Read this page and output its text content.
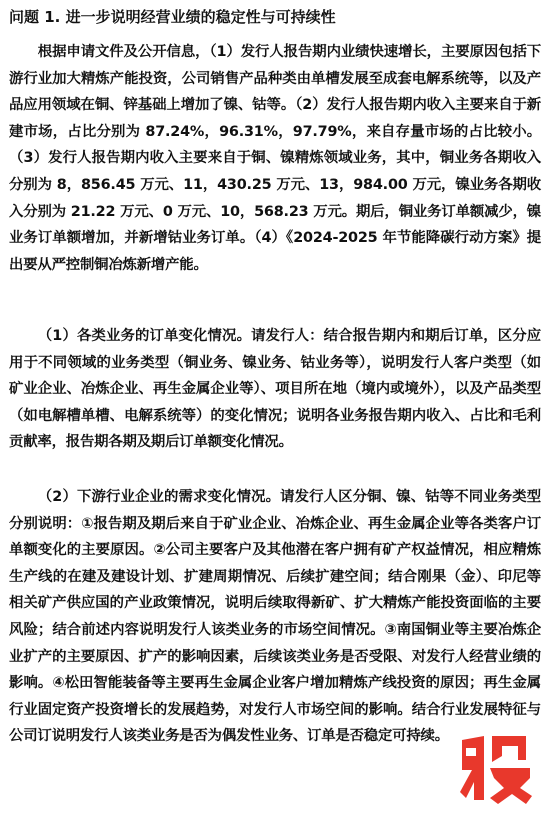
问题 1. 进一步说明经营业绩的稳定性与可持续性

根据申请文件及公开信息，（1）发行人报告期内业绩快速增长，主要原因包括下游行业加大精炼产能投资，公司销售产品种类由单槽发展至成套电解系统等，以及产品应用领域在铜、锌基础上增加了镍、钴等。（2）发行人报告期内收入主要来自于新建市场，占比分别为 87.24%，96.31%，97.79%，来自存量市场的占比较小。（3）发行人报告期内收入主要来自于铜、镍精炼领域业务，其中，铜业务各期收入分别为 8，856.45 万元、11，430.25 万元、13，984.00 万元，镍业务各期收入分别为 21.22 万元、0 万元、10，568.23 万元。期后，铜业务订单额减少，镍业务订单额增加，并新增钴业务订单。（4）《2024-2025 年节能降碳行动方案》提出要从严控制铜冶炼新增产能。

（1）各类业务的订单变化情况。请发行人：结合报告期内和期后订单，区分应用于不同领域的业务类型（铜业务、镍业务、钴业务等），说明发行人客户类型（如矿业企业、冶炼企业、再生金属企业等）、项目所在地（境内或境外），以及产品类型（如电解槽单槽、电解系统等）的变化情况；说明各业务报告期内收入、占比和毛利贡献率，报告期各期及期后订单额变化情况。

（2）下游行业企业的需求变化情况。请发行人区分铜、镍、钴等不同业务类型分别说明：①报告期及期后来自于矿业企业、冶炼企业、再生金属企业等各类客户订单额变化的主要原因。②公司主要客户及其他潜在客户拥有矿产权益情况，相应精炼生产线的在建及建设计划、扩建周期情况、后续扩建空间；结合刚果（金）、印尼等相关矿产供应国的产业政策情况，说明后续取得新矿、扩大精炼产能投资面临的主要风险；结合前述内容说明发行人该类业务的市场空间情况。③南国铜业等主要冶炼企业扩产的主要原因、扩产的影响因素，后续该类业务是否受限、对发行人经营业绩的影响。④松田智能装备等主要再生金属企业客户增加精炼产线投资的原因；再生金属行业固定资产投资增长的发展趋势，对发行人市场空间的影响。结合行业发展特征与公司订说明发行人该类业务是否为偶发性业务、订单是否稳定可持续。
